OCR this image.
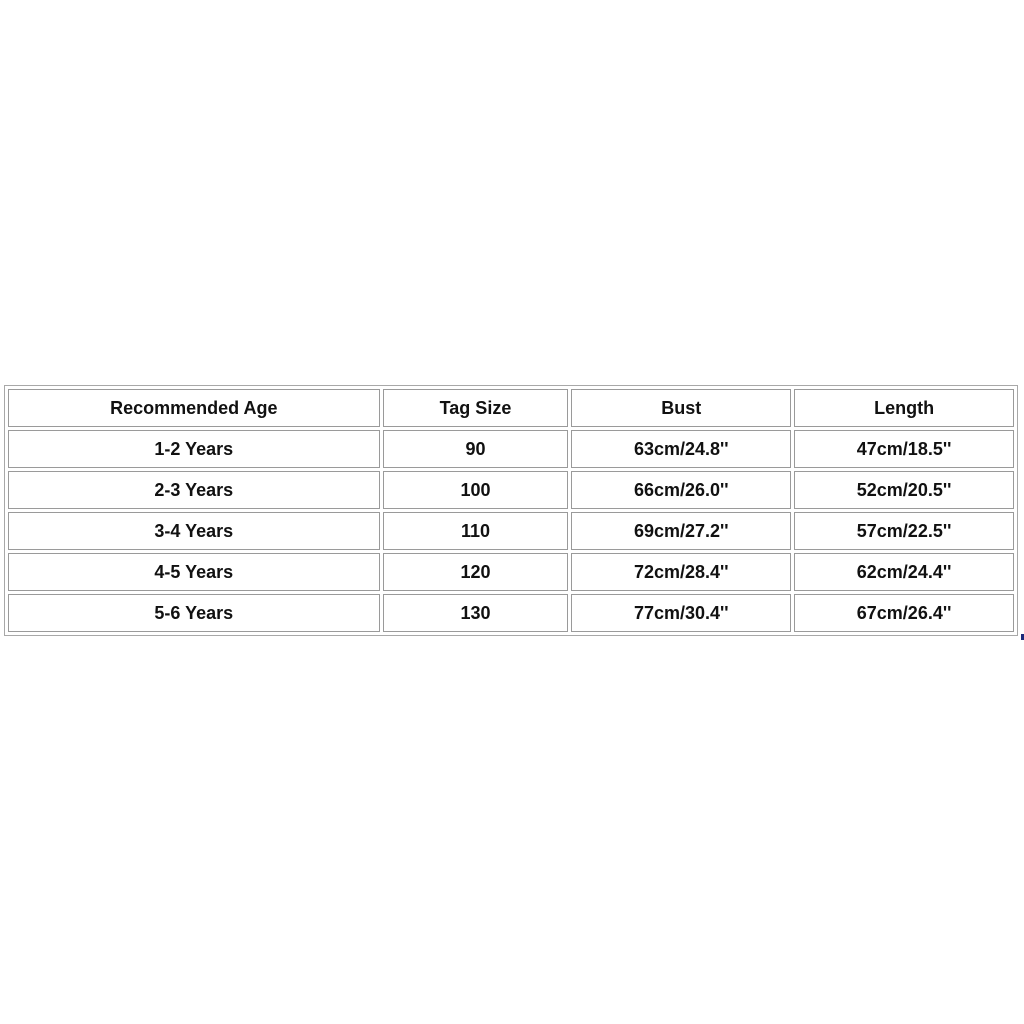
Recommended Age	Tag Size	Bust	Length
1-2 Years	90	63cm/24.8''	47cm/18.5''
2-3 Years	100	66cm/26.0''	52cm/20.5''
3-4 Years	110	69cm/27.2''	57cm/22.5''
4-5 Years	120	72cm/28.4''	62cm/24.4''
5-6 Years	130	77cm/30.4''	67cm/26.4''
